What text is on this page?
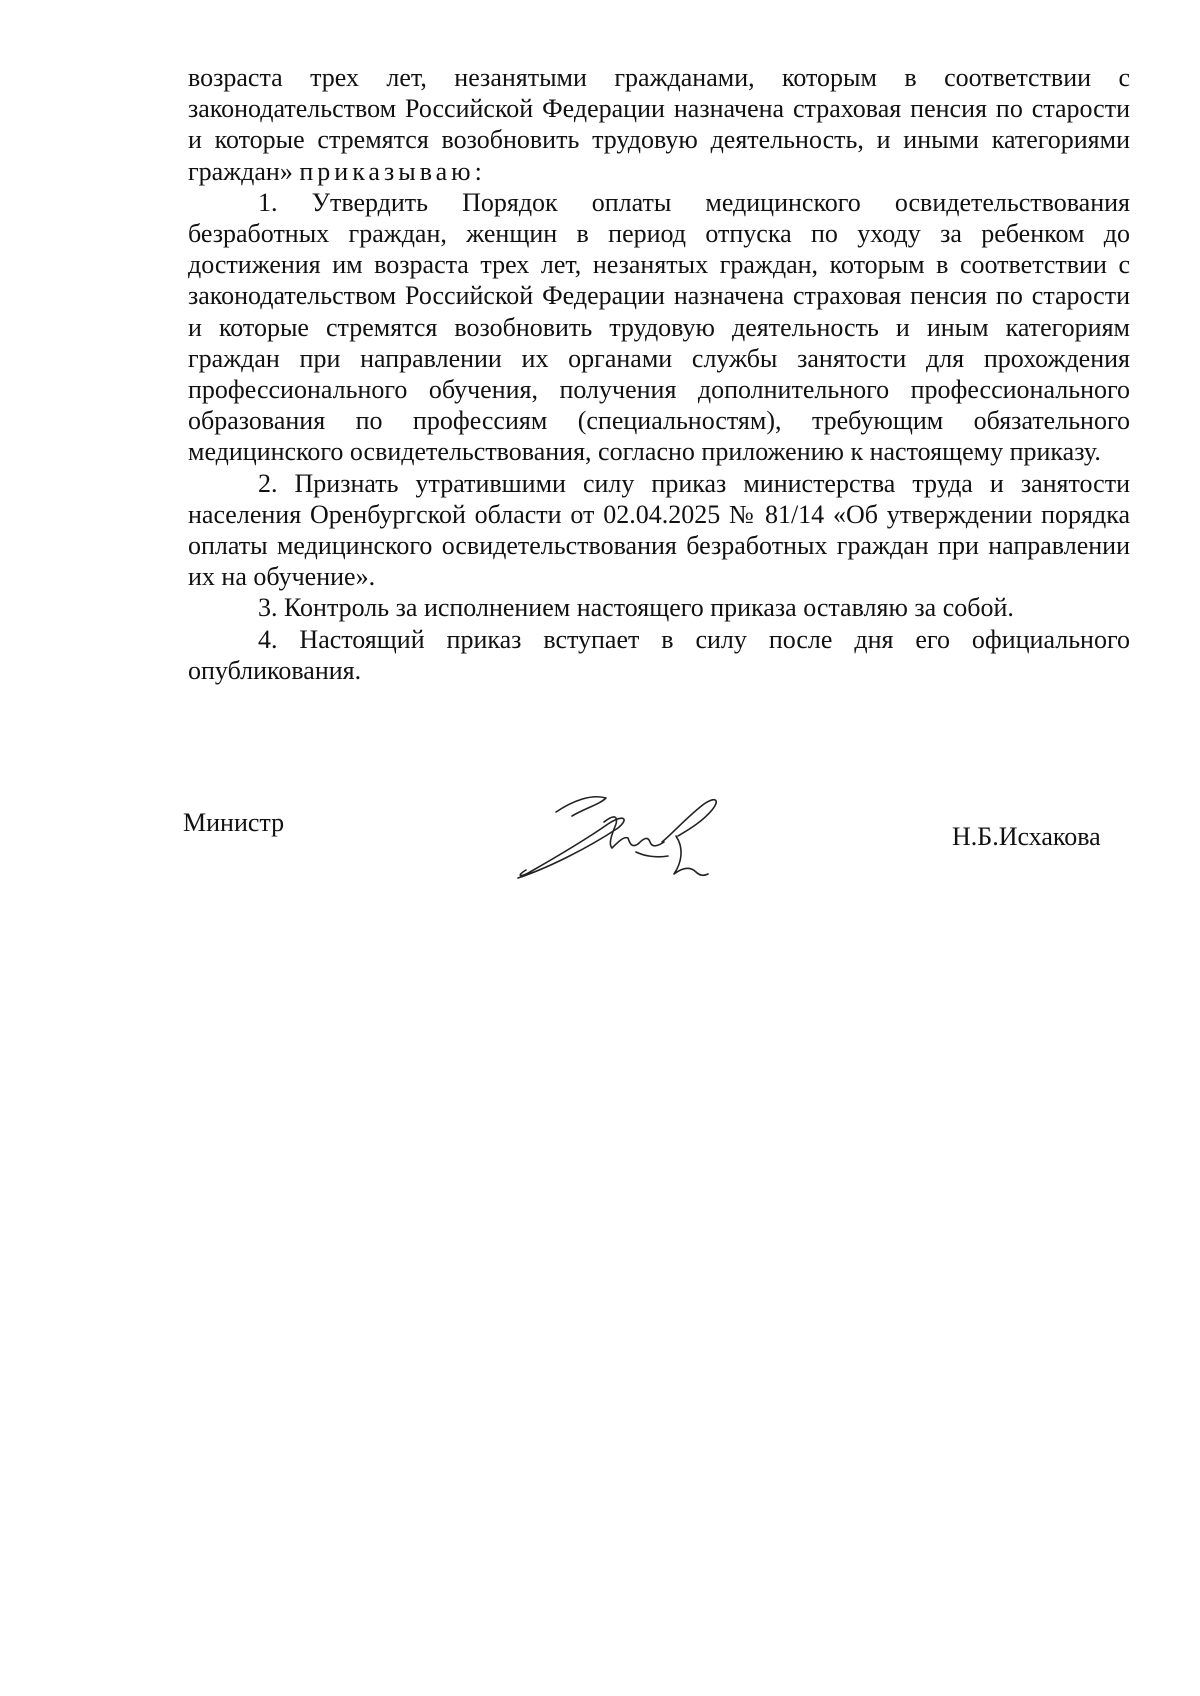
возраста трех лет, незанятыми гражданами, которым в соответствии с законодательством Российской Федерации назначена страховая пенсия по старости и которые стремятся возобновить трудовую деятельность, и иными категориями граждан» приказываю:

1. Утвердить Порядок оплаты медицинского освидетельствования безработных граждан, женщин в период отпуска по уходу за ребенком до достижения им возраста трех лет, незанятых граждан, которым в соответствии с законодательством Российской Федерации назначена страховая пенсия по старости и которые стремятся возобновить трудовую деятельность и иным категориям граждан при направлении их органами службы занятости для прохождения профессионального обучения, получения дополнительного профессионального образования по профессиям (специальностям), требующим обязательного медицинского освидетельствования, согласно приложению к настоящему приказу.

2. Признать утратившими силу приказ министерства труда и занятости населения Оренбургской области от 02.04.2025 № 81/14 «Об утверждении порядка оплаты медицинского освидетельствования безработных граждан при направлении их на обучение».

3. Контроль за исполнением настоящего приказа оставляю за собой.

4. Настоящий приказ вступает в силу после дня его официального опубликования.

Министр	Н.Б.Исхакова
